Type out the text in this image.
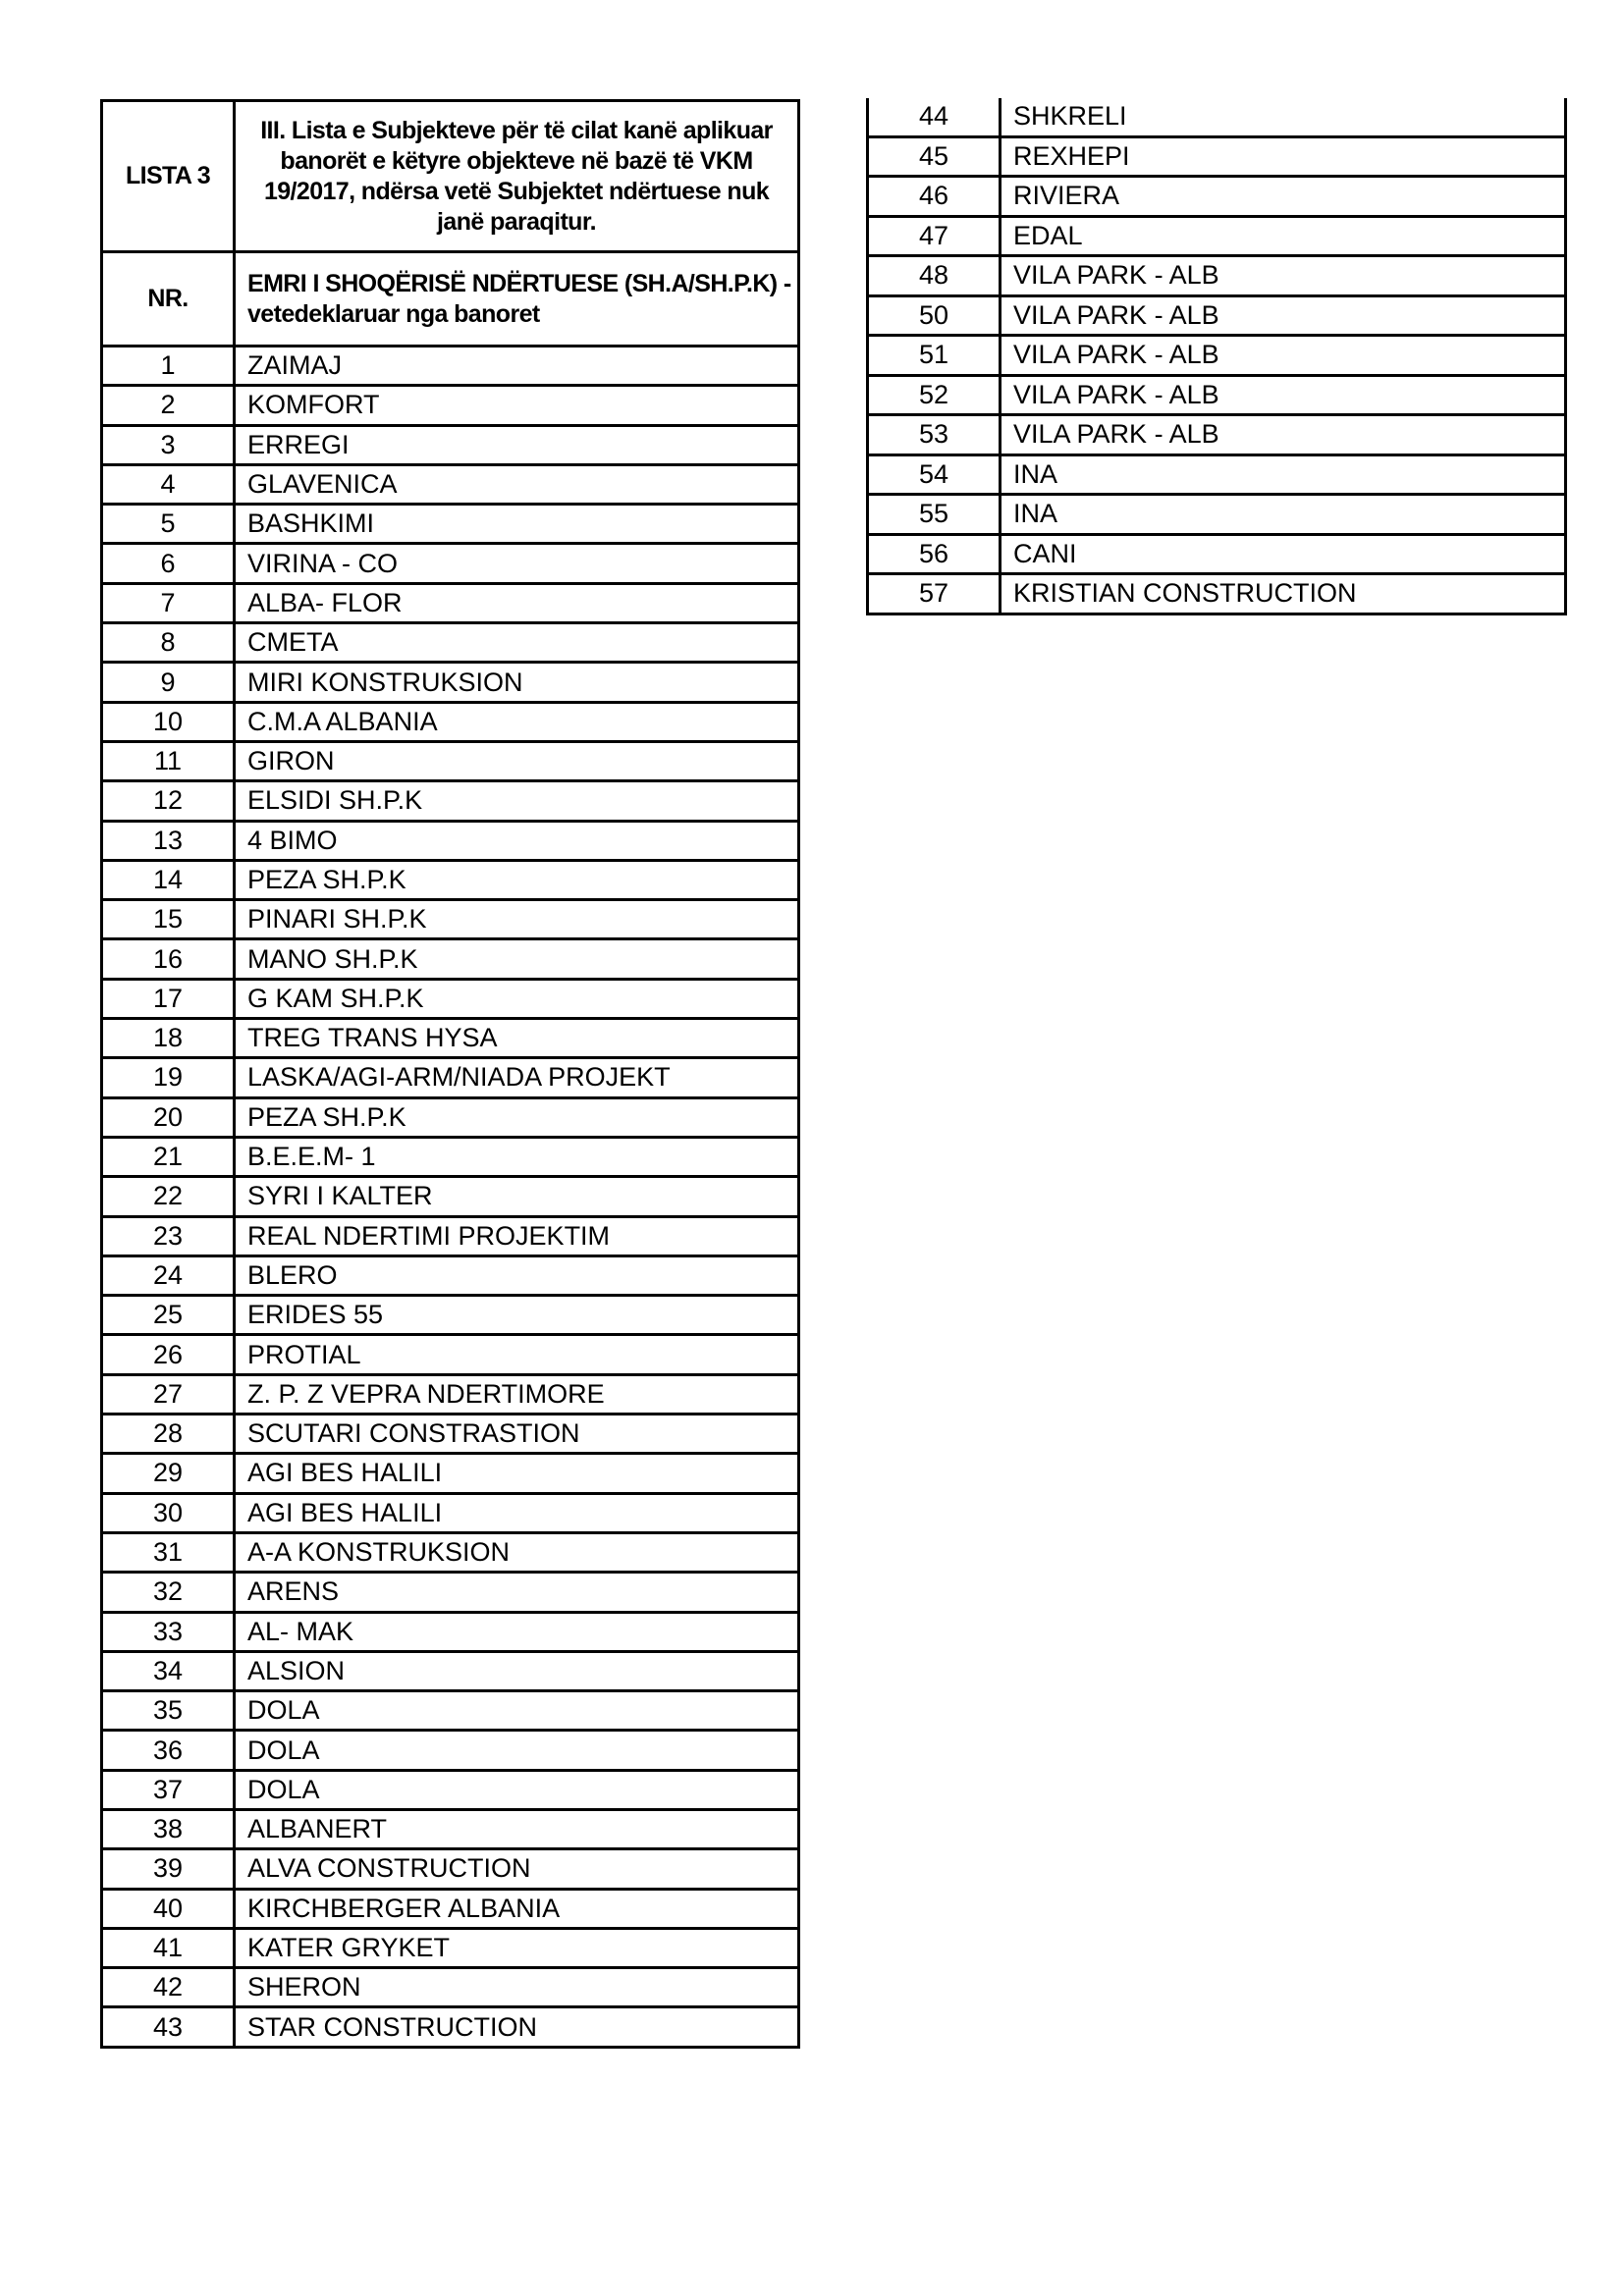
LISTA 3	III. Lista e Subjekteve për të cilat kanë aplikuar banorët e këtyre objekteve në bazë të VKM 19/2017, ndërsa vetë Subjektet ndërtuese nuk janë paraqitur.
NR.	EMRI I SHOQËRISË NDËRTUESE (SH.A/SH.P.K) - vetedeklaruar nga banoret
1	ZAIMAJ
2	KOMFORT
3	ERREGI
4	GLAVENICA
5	BASHKIMI
6	VIRINA - CO
7	ALBA- FLOR
8	CMETA
9	MIRI KONSTRUKSION
10	C.M.A ALBANIA
11	GIRON
12	ELSIDI SH.P.K
13	4 BIMO
14	PEZA SH.P.K
15	PINARI SH.P.K
16	MANO SH.P.K
17	G KAM SH.P.K
18	TREG TRANS HYSA
19	LASKA/AGI-ARM/NIADA PROJEKT
20	PEZA SH.P.K
21	B.E.E.M- 1
22	SYRI I KALTER
23	REAL NDERTIMI PROJEKTIM
24	BLERO
25	ERIDES 55
26	PROTIAL
27	Z. P. Z VEPRA NDERTIMORE
28	SCUTARI CONSTRASTION
29	AGI BES HALILI
30	AGI BES HALILI
31	A-A KONSTRUKSION
32	ARENS
33	AL- MAK
34	ALSION
35	DOLA
36	DOLA
37	DOLA
38	ALBANERT
39	ALVA CONSTRUCTION
40	KIRCHBERGER ALBANIA
41	KATER GRYKET
42	SHERON
43	STAR CONSTRUCTION
44	SHKRELI
45	REXHEPI
46	RIVIERA
47	EDAL
48	VILA PARK - ALB
50	VILA PARK - ALB
51	VILA PARK - ALB
52	VILA PARK - ALB
53	VILA PARK - ALB
54	INA
55	INA
56	CANI
57	KRISTIAN CONSTRUCTION
